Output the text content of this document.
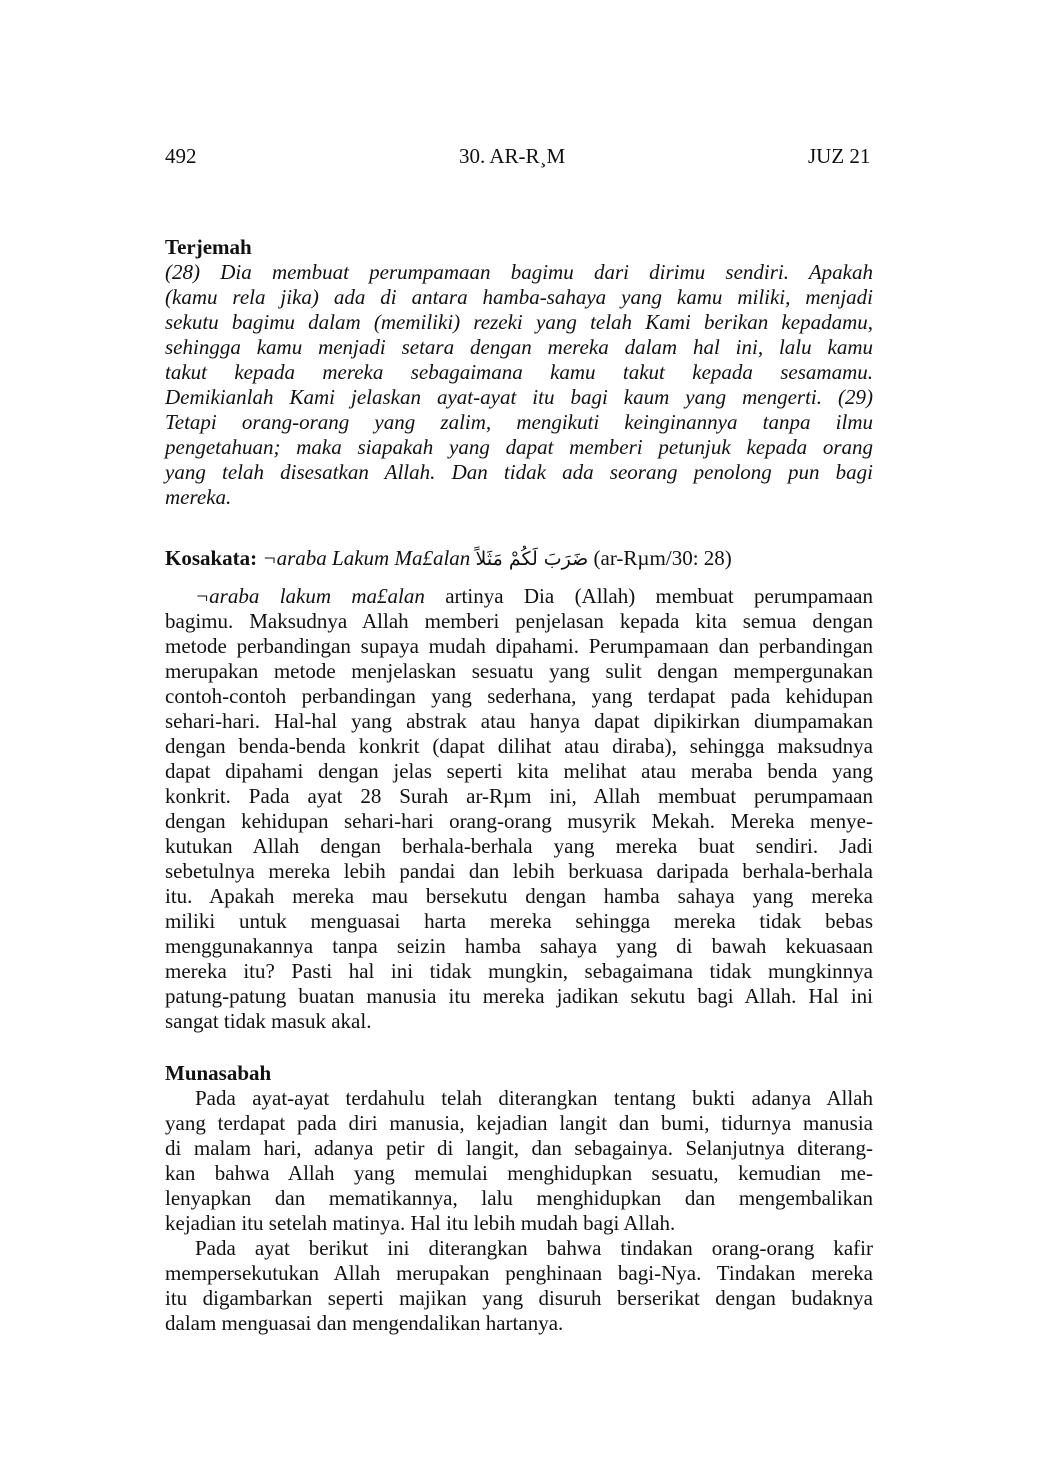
492	30. AR-R¸M	JUZ 21
Terjemah
(28) Dia membuat perumpamaan bagimu dari dirimu sendiri. Apakah
(kamu rela jika) ada di antara hamba-sahaya yang kamu miliki, menjadi
sekutu bagimu dalam (memiliki) rezeki yang telah Kami berikan kepadamu,
sehingga kamu menjadi setara dengan mereka dalam hal ini, lalu kamu
takut kepada mereka sebagaimana kamu takut kepada sesamamu.
Demikianlah Kami jelaskan ayat-ayat itu bagi kaum yang mengerti. (29)
Tetapi orang-orang yang zalim, mengikuti keinginannya tanpa ilmu
pengetahuan; maka siapakah yang dapat memberi petunjuk kepada orang
yang telah disesatkan Allah. Dan tidak ada seorang penolong pun bagi
mereka.
Kosakata: ¬araba Lakum Ma£alan ضَرَبَ لَكُمْ مَثَلاً (ar-Rµm/30: 28)
¬araba lakum ma£alan artinya Dia (Allah) membuat perumpamaan
bagimu. Maksudnya Allah memberi penjelasan kepada kita semua dengan
metode perbandingan supaya mudah dipahami. Perumpamaan dan perbandingan
merupakan metode menjelaskan sesuatu yang sulit dengan mempergunakan
contoh-contoh perbandingan yang sederhana, yang terdapat pada kehidupan
sehari-hari. Hal-hal yang abstrak atau hanya dapat dipikirkan diumpamakan
dengan benda-benda konkrit (dapat dilihat atau diraba), sehingga maksudnya
dapat dipahami dengan jelas seperti kita melihat atau meraba benda yang
konkrit. Pada ayat 28 Surah ar-Rµm ini, Allah membuat perumpamaan
dengan kehidupan sehari-hari orang-orang musyrik Mekah. Mereka menye-
kutukan Allah dengan berhala-berhala yang mereka buat sendiri. Jadi
sebetulnya mereka lebih pandai dan lebih berkuasa daripada berhala-berhala
itu. Apakah mereka mau bersekutu dengan hamba sahaya yang mereka
miliki untuk menguasai harta mereka sehingga mereka tidak bebas
menggunakannya tanpa seizin hamba sahaya yang di bawah kekuasaan
mereka itu? Pasti hal ini tidak mungkin, sebagaimana tidak mungkinnya
patung-patung buatan manusia itu mereka jadikan sekutu bagi Allah. Hal ini
sangat tidak masuk akal.
Munasabah
Pada ayat-ayat terdahulu telah diterangkan tentang bukti adanya Allah
yang terdapat pada diri manusia, kejadian langit dan bumi, tidurnya manusia
di malam hari, adanya petir di langit, dan sebagainya. Selanjutnya diterang-
kan bahwa Allah yang memulai menghidupkan sesuatu, kemudian me-
lenyapkan dan mematikannya, lalu menghidupkan dan mengembalikan
kejadian itu setelah matinya. Hal itu lebih mudah bagi Allah.
Pada ayat berikut ini diterangkan bahwa tindakan orang-orang kafir
mempersekutukan Allah merupakan penghinaan bagi-Nya. Tindakan mereka
itu digambarkan seperti majikan yang disuruh berserikat dengan budaknya
dalam menguasai dan mengendalikan hartanya.
